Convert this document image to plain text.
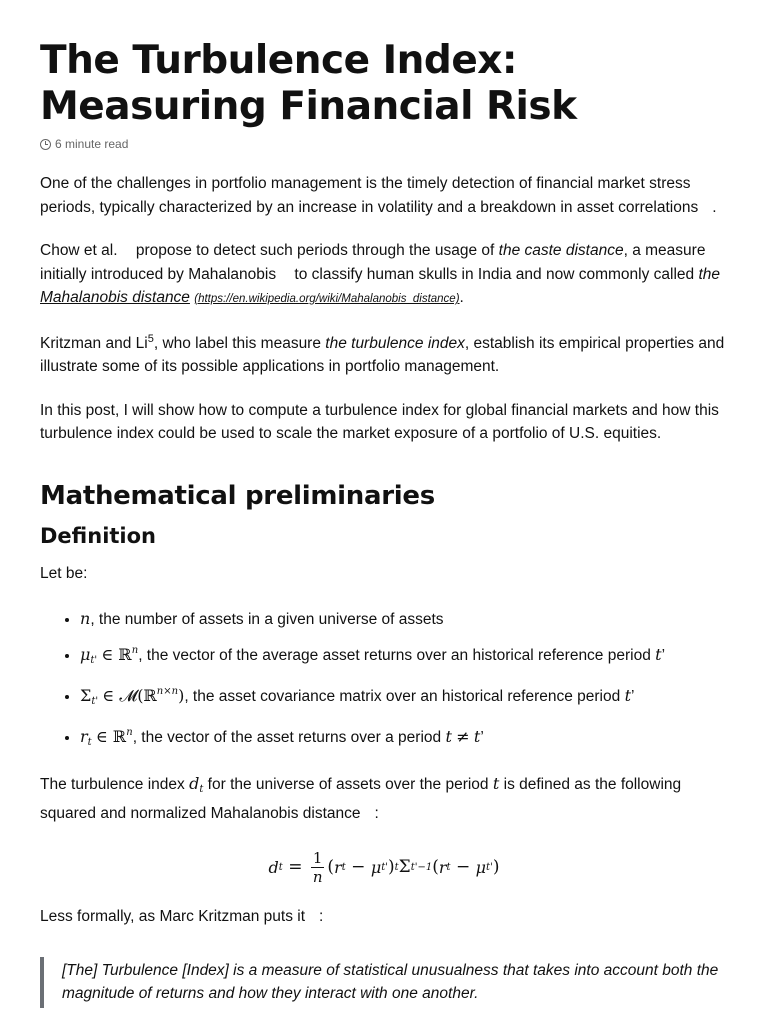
The Turbulence Index: Measuring Financial Risk
6 minute read

One of the challenges in portfolio management is the timely detection of financial market stress periods, typically characterized by an increase in volatility and a breakdown in asset correlations .

Chow et al. propose to detect such periods through the usage of the caste distance, a measure initially introduced by Mahalanobis to classify human skulls in India and now commonly called the Mahalanobis distance (https://en.wikipedia.org/wiki/Mahalanobis_distance).

Kritzman and Li$^5$, who label this measure the turbulence index, establish its empirical properties and illustrate some of its possible applications in portfolio management.

In this post, I will show how to compute a turbulence index for global financial markets and how this turbulence index could be used to scale the market exposure of a portfolio of U.S. equities.

Mathematical preliminaries
Definition

Let be:

• n, the number of assets in a given universe of assets
• $\mu_{t'}$ ∈ ℝ$^n$, the vector of the average asset returns over an historical reference period t’
• $\Sigma_{t'}$ ∈ 𝓜(ℝ$^{n\times n}$), the asset covariance matrix over an historical reference period t’
• $r_t$ ∈ ℝ$^n$, the vector of the asset returns over a period t ≠ t’

The turbulence index $d_t$ for the universe of assets over the period t is defined as the following squared and normalized Mahalanobis distance :

d $t = \frac{1}{n}$ ( r t − μ t' ) t Σ t' −1 ( r t − μ t' )

Less formally, as Marc Kritzman puts it :

[The] Turbulence [Index] is a measure of statistical unusualness that takes into account both the magnitude of returns and how they interact with one another.
